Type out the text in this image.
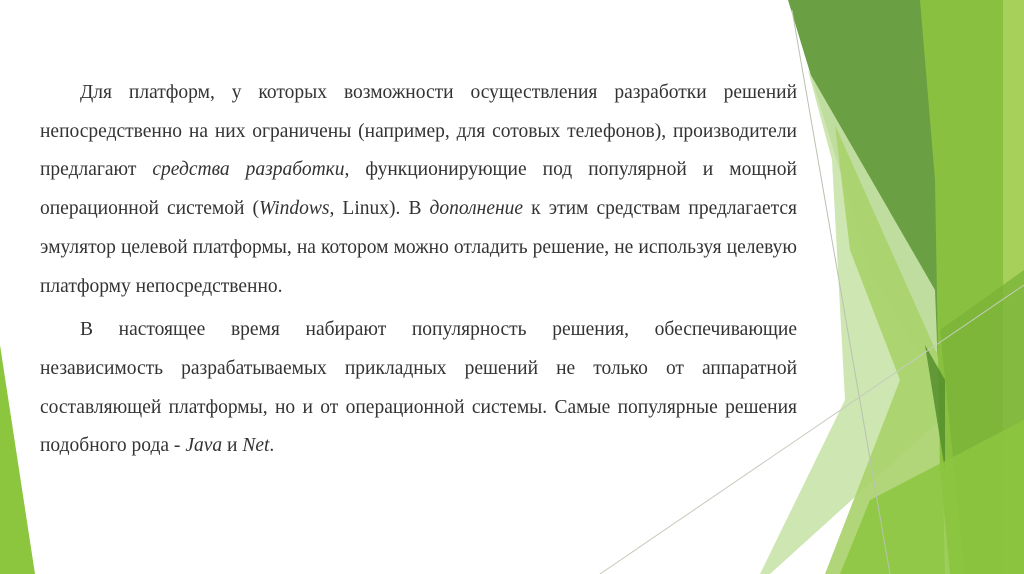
Для платформ, у которых возможности осуществления разработки решений непосредственно на них ограничены (например, для сотовых телефонов), производители предлагают средства разработки, функционирующие под популярной и мощной операционной системой (Windows, Linux). В дополнение к этим средствам предлагается эмулятор целевой платформы, на котором можно отладить решение, не используя целевую платформу непосредственно.

В настоящее время набирают популярность решения, обеспечивающие независимость разрабатываемых прикладных решений не только от аппаратной составляющей платформы, но и от операционной системы. Самые популярные решения подобного рода - Java и Net.
